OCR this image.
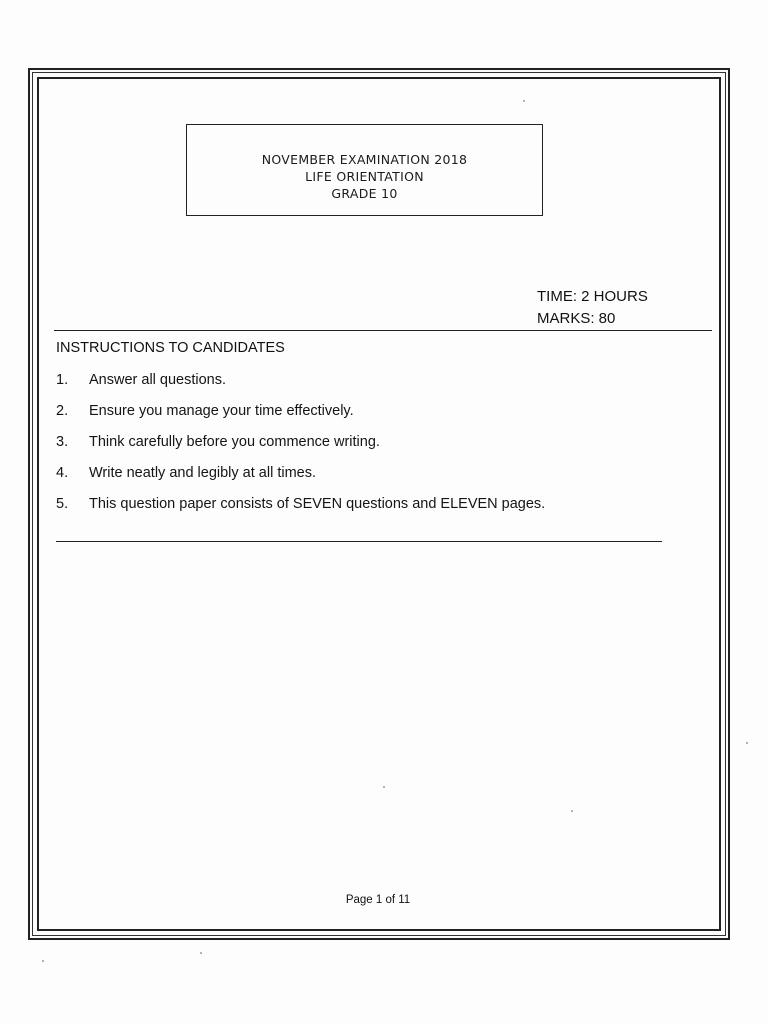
NOVEMBER EXAMINATION 2018
LIFE ORIENTATION
GRADE 10
TIME: 2 HOURS
MARKS: 80
INSTRUCTIONS TO CANDIDATES
1. Answer all questions.
2. Ensure you manage your time effectively.
3. Think carefully before you commence writing.
4. Write neatly and legibly at all times.
5. This question paper consists of SEVEN questions and ELEVEN pages.
Page 1 of 11
